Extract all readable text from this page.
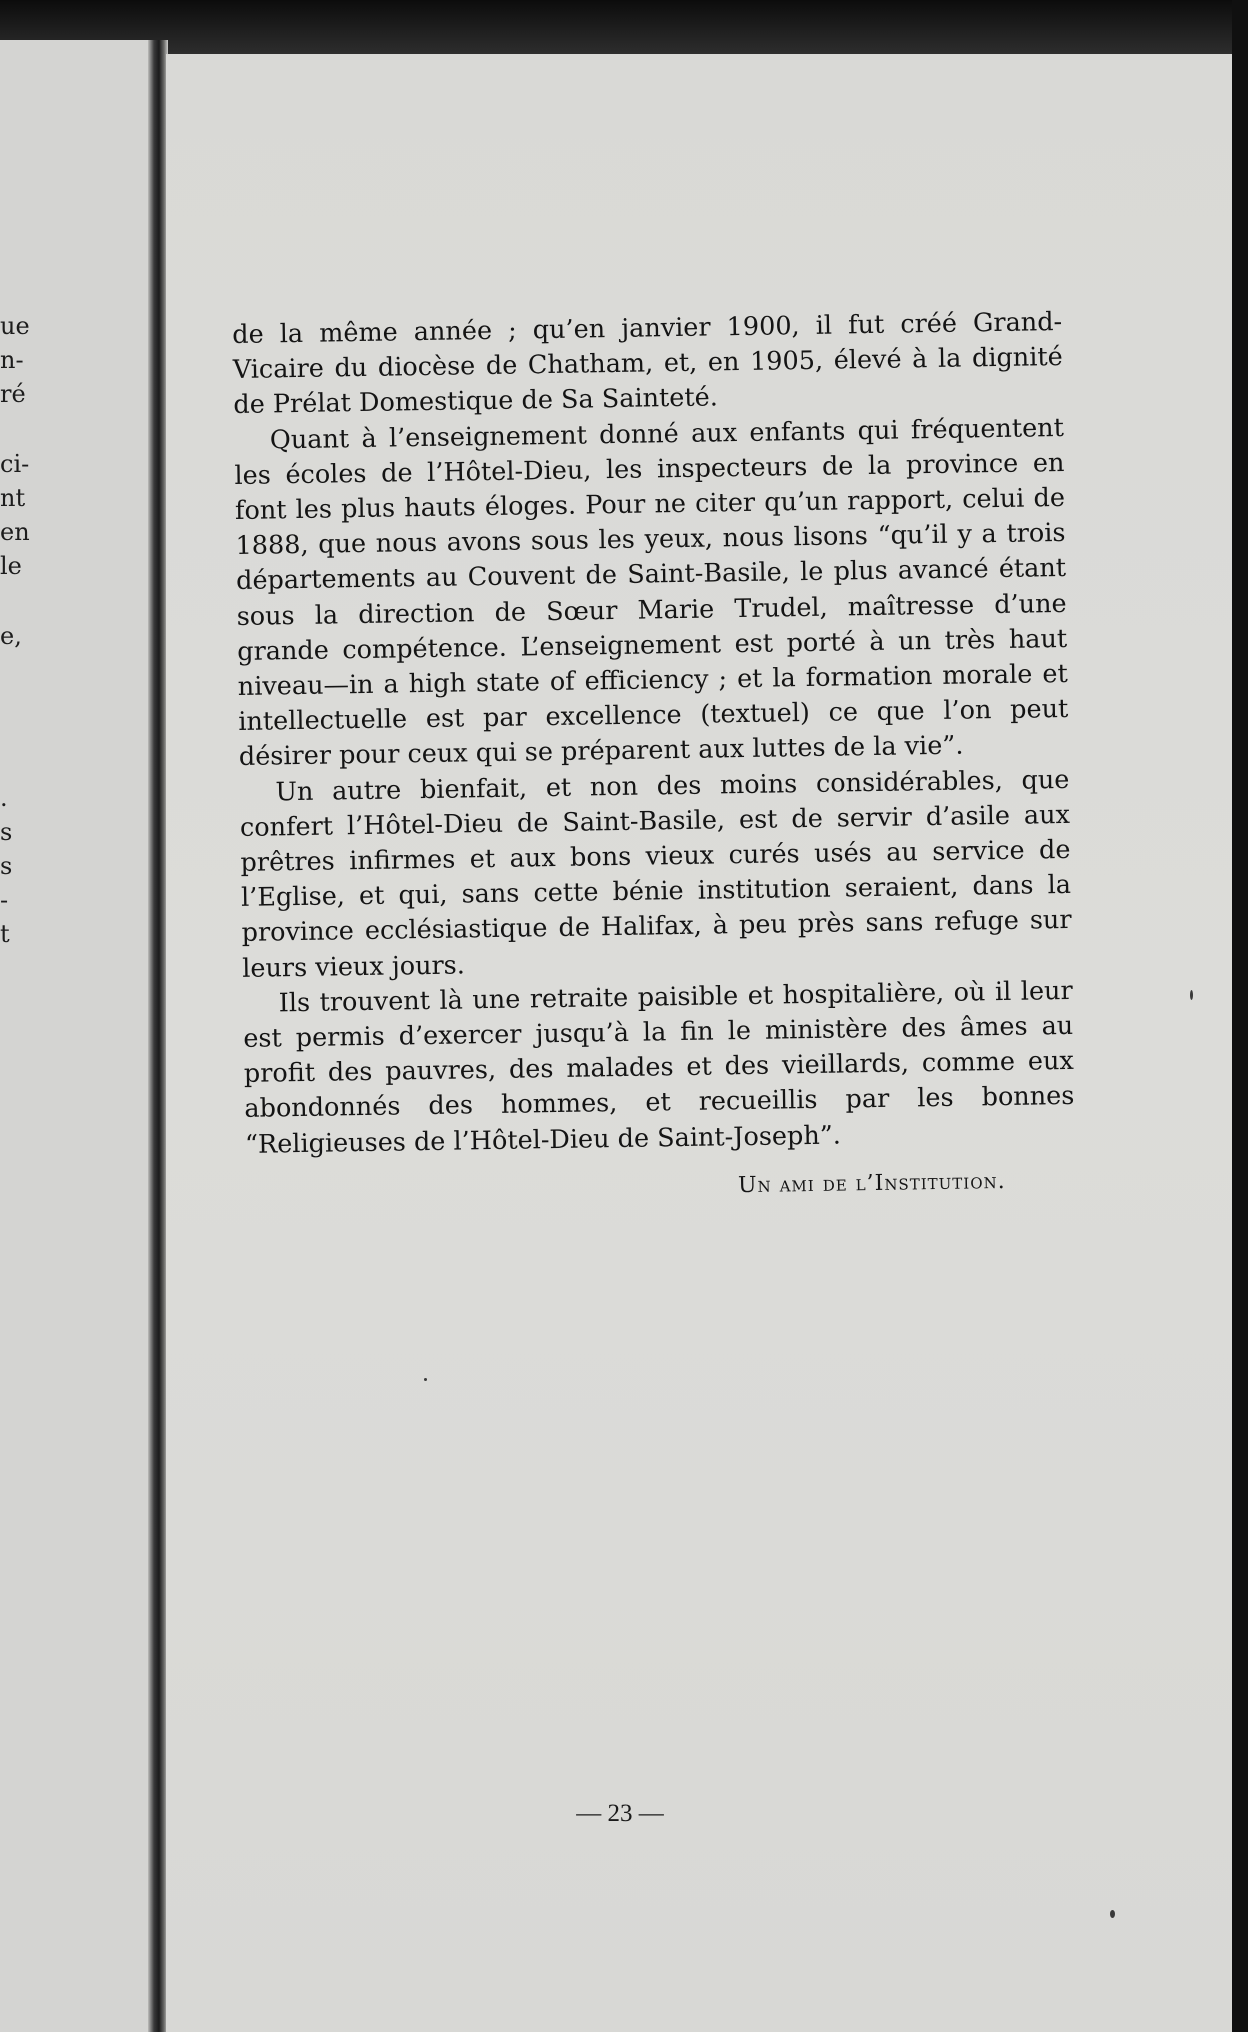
ue
n-
ré
ci-
nt
en
le
e,
.
s
s
-
t

de la même année ; qu’en janvier 1900, il fut créé Grand-Vicaire du diocèse de Chatham, et, en 1905, élevé à la dignité de Prélat Domestique de Sa Sainteté.

Quant à l’enseignement donné aux enfants qui fréquentent les écoles de l’Hôtel-Dieu, les inspecteurs de la province en font les plus hauts éloges. Pour ne citer qu’un rapport, celui de 1888, que nous avons sous les yeux, nous lisons “qu’il y a trois départements au Couvent de Saint-Basile, le plus avancé étant sous la direction de Sœur Marie Trudel, maîtresse d’une grande compétence. L’enseignement est porté à un très haut niveau—in a high state of efficiency ; et la formation morale et intellectuelle est par excellence (textuel) ce que l’on peut désirer pour ceux qui se préparent aux luttes de la vie”.

Un autre bienfait, et non des moins considérables, que confert l’Hôtel-Dieu de Saint-Basile, est de servir d’asile aux prêtres infirmes et aux bons vieux curés usés au service de l’Eglise, et qui, sans cette bénie institution seraient, dans la province ecclésiastique de Halifax, à peu près sans refuge sur leurs vieux jours.

Ils trouvent là une retraite paisible et hospitalière, où il leur est permis d’exercer jusqu’à la fin le ministère des âmes au profit des pauvres, des malades et des vieillards, comme eux abondonnés des hommes, et recueillis par les bonnes “Religieuses de l’Hôtel-Dieu de Saint-Joseph”.

Un ami de l’Institution.

— 23 —
